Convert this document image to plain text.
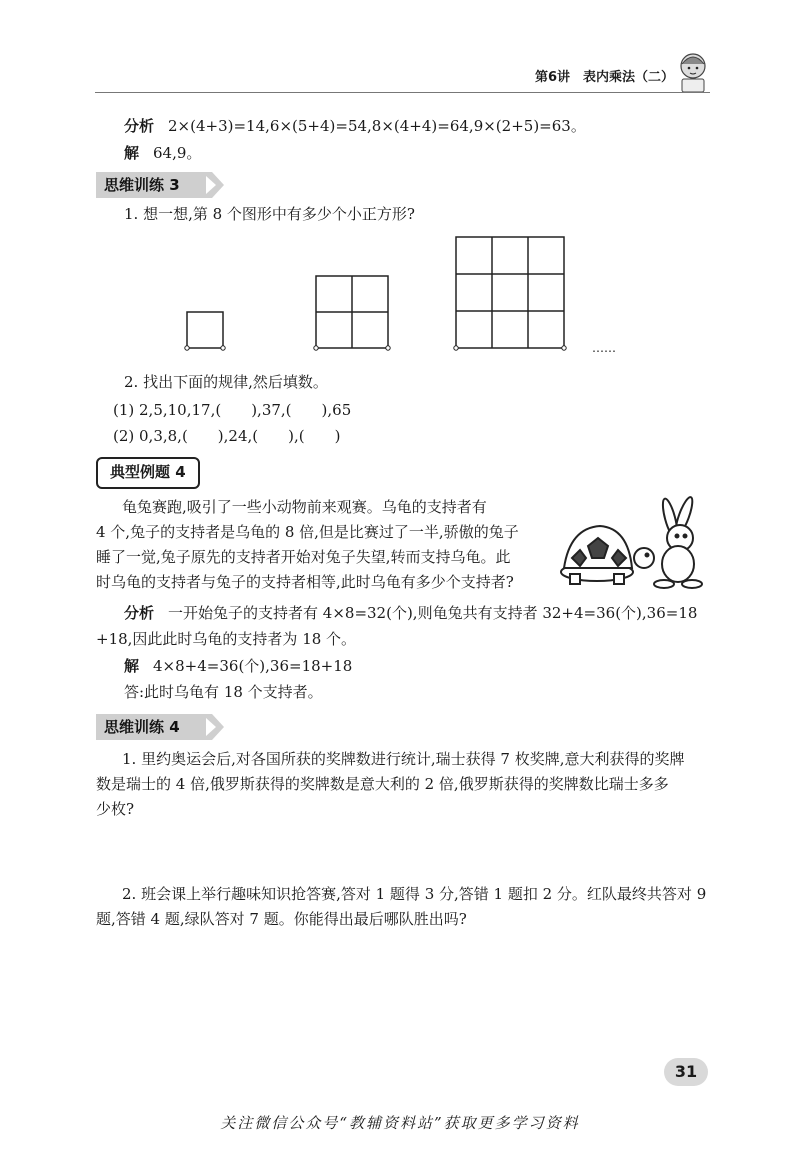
第6讲　表内乘法（二）
分析 2×(4+3)=14,6×(5+4)=54,8×(4+4)=64,9×(2+5)=63。
解 64,9。
思维训练 3
1. 想一想,第 8 个图形中有多少个小正方形?
……
2. 找出下面的规律,然后填数。
(1) 2,5,10,17,(　　),37,(　　),65
(2) 0,3,8,(　　),24,(　　),(　　)
典型例题 4
龟兔赛跑,吸引了一些小动物前来观赛。乌龟的支持者有
4 个,兔子的支持者是乌龟的 8 倍,但是比赛过了一半,骄傲的兔子
睡了一觉,兔子原先的支持者开始对兔子失望,转而支持乌龟。此
时乌龟的支持者与兔子的支持者相等,此时乌龟有多少个支持者?
分析 一开始兔子的支持者有 4×8=32(个),则龟兔共有支持者 32+4=36(个),36=18
+18,因此此时乌龟的支持者为 18 个。
解 4×8+4=36(个),36=18+18
答:此时乌龟有 18 个支持者。
思维训练 4
1. 里约奥运会后,对各国所获的奖牌数进行统计,瑞士获得 7 枚奖牌,意大利获得的奖牌
数是瑞士的 4 倍,俄罗斯获得的奖牌数是意大利的 2 倍,俄罗斯获得的奖牌数比瑞士多多
少枚?
2. 班会课上举行趣味知识抢答赛,答对 1 题得 3 分,答错 1 题扣 2 分。红队最终共答对 9
题,答错 4 题,绿队答对 7 题。你能得出最后哪队胜出吗?
31
关注微信公众号“教辅资料站”获取更多学习资料
